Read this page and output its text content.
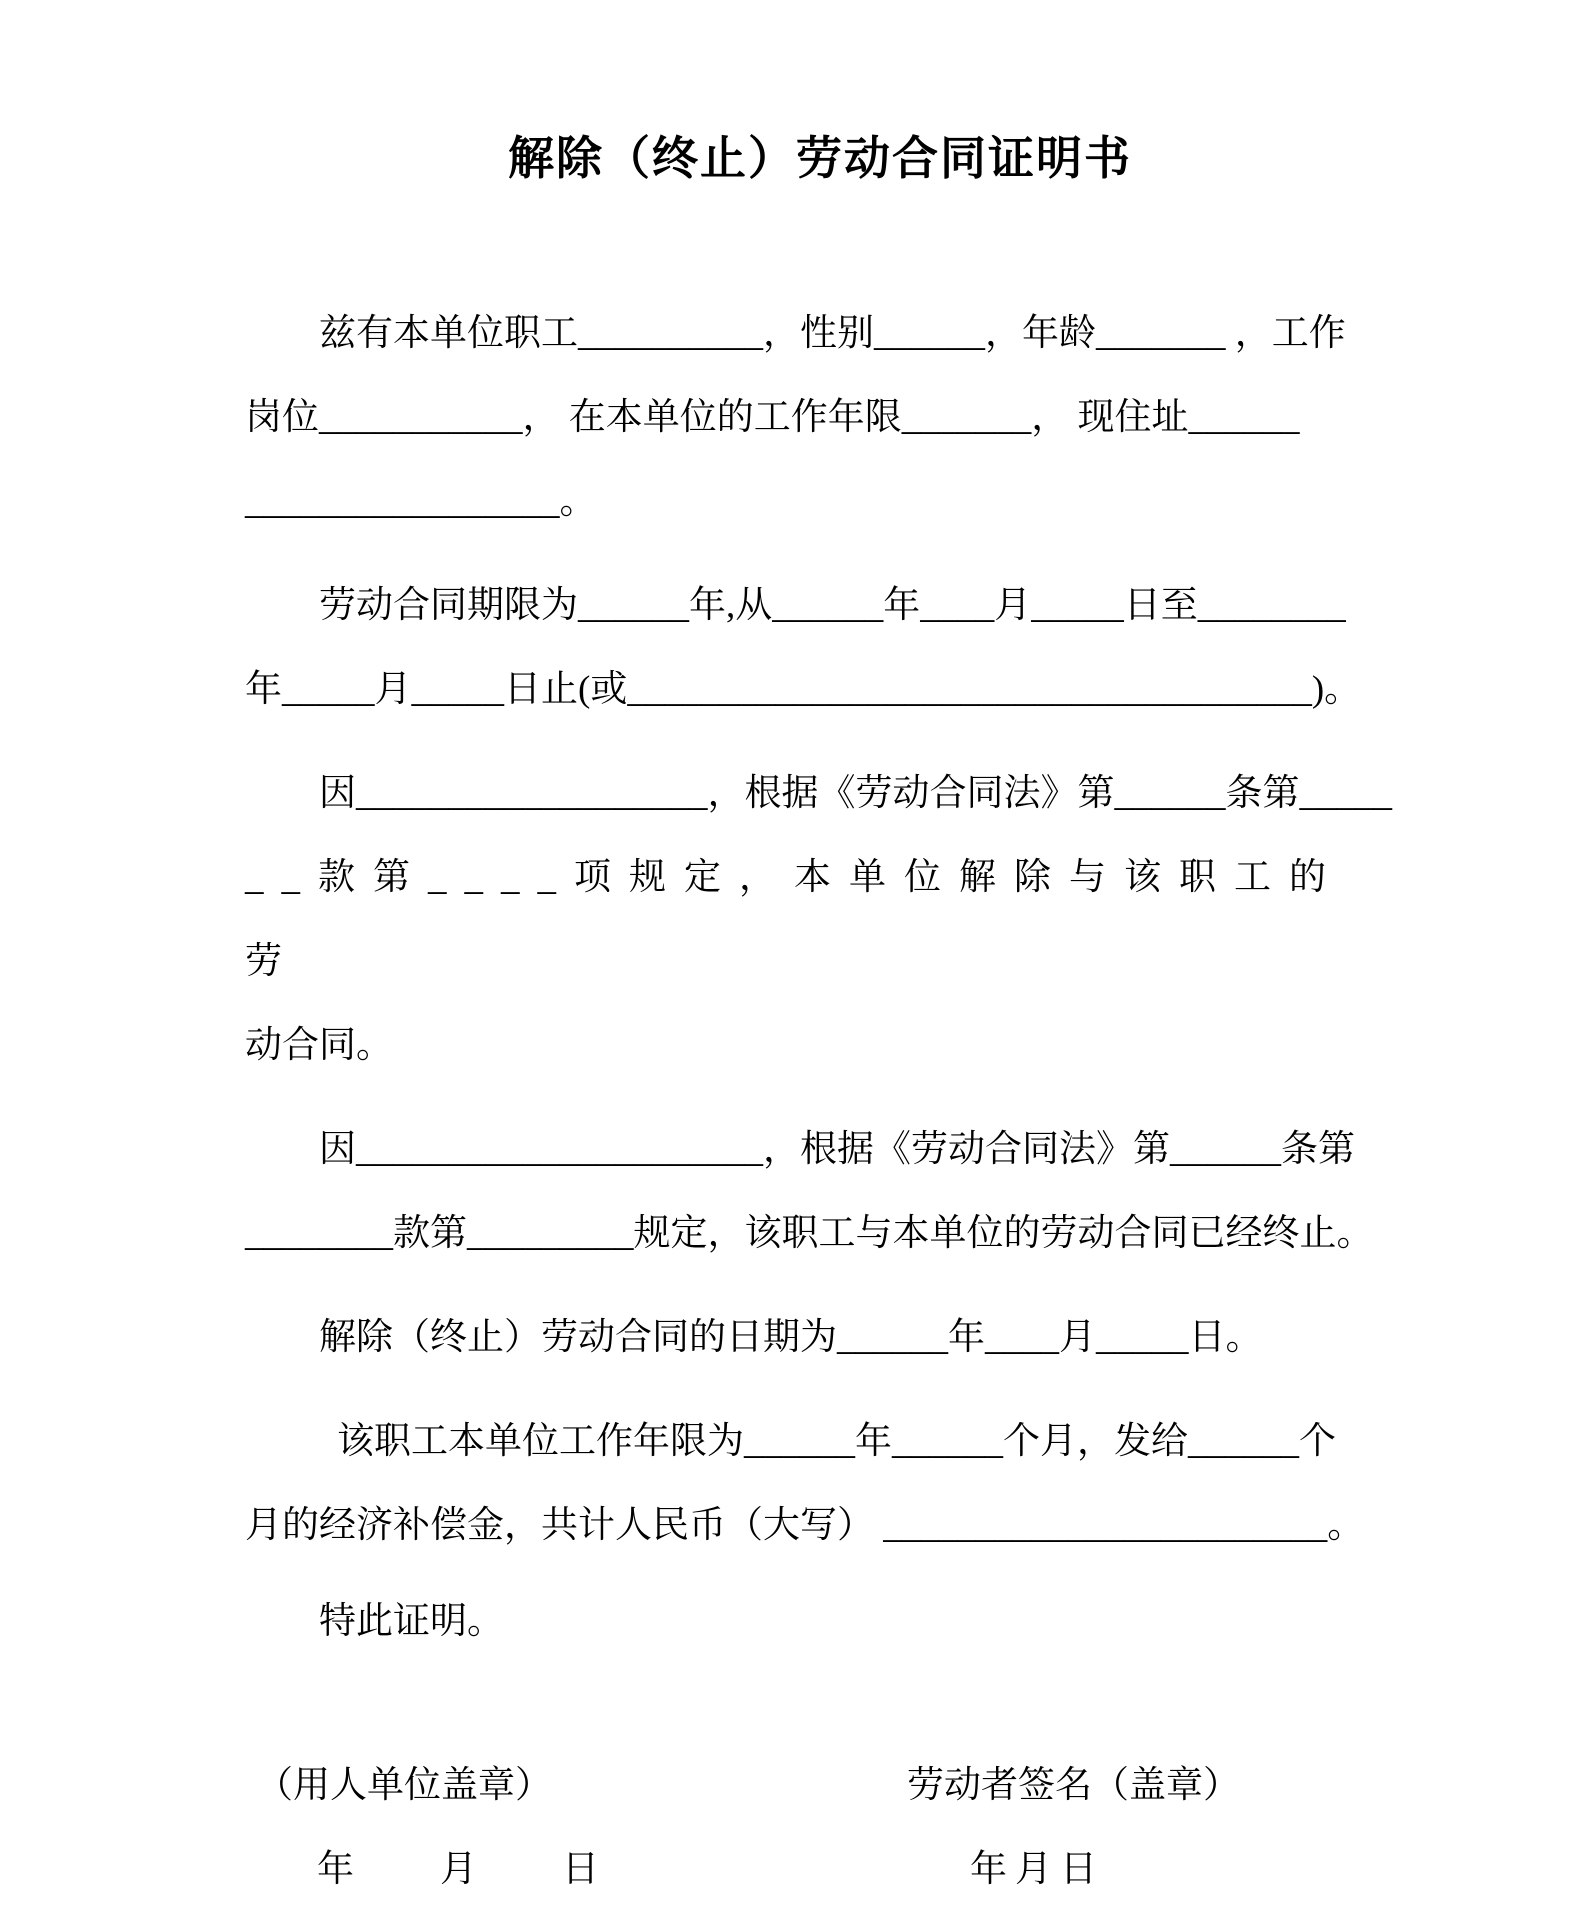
解除（终止）劳动合同证明书
兹有本单位职工__________，性别______，年龄_______ ，工作
岗位___________， 在本单位的工作年限_______， 现住址______
_________________。
劳动合同期限为______年,从______年____月_____日至________
年_____月_____日止(或_____________________________________)。
因___________________，根据《劳动合同法》第______条第_____
__款第____项规定，本单位解除与该职工的劳
动合同。
因______________________，根据《劳动合同法》第______条第
________款第_________规定，该职工与本单位的劳动合同已经终止。
解除（终止）劳动合同的日期为______年____月_____日。
该职工本单位工作年限为______年______个月，发给______个
月的经济补偿金，共计人民币（大写） ________________________。
特此证明。
（用人单位盖章）	劳动者签名（盖章）
年 月 日	年 月 日
